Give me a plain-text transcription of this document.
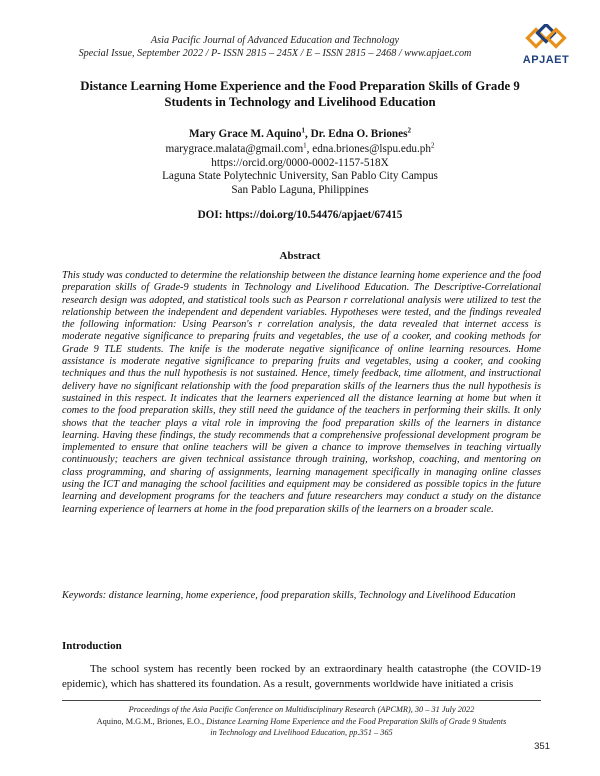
Asia Pacific Journal of Advanced Education and Technology
Special Issue, September 2022 / P- ISSN 2815 – 245X / E – ISSN 2815 – 2468 / www.apjaet.com
APJAET
Distance Learning Home Experience and the Food Preparation Skills of Grade 9 Students in Technology and Livelihood Education
Mary Grace M. Aquino$^1$, Dr. Edna O. Briones$^2$
marygrace.malata@gmail.com$^1$, $edna.briones@lspu.edu.ph^2$
https://orcid.org/0000-0002-1157-518X
Laguna State Polytechnic University, San Pablo City Campus
San Pablo Laguna, Philippines
DOI: https://doi.org/10.54476/apjaet/67415
Abstract
This study was conducted to determine the relationship between the distance learning home experience and the food preparation skills of Grade-9 students in Technology and Livelihood Education. The Descriptive-Correlational research design was adopted, and statistical tools such as Pearson r correlational analysis were utilized to test the relationship between the independent and dependent variables. Hypotheses were tested, and the findings revealed the following information: Using Pearson's r correlation analysis, the data revealed that internet access is moderate negative significance to preparing fruits and vegetables, the use of a cooker, and cooking methods for Grade 9 TLE students. The knife is the moderate negative significance of online learning resources. Home assistance is moderate negative significance to preparing fruits and vegetables, using a cooker, and cooking techniques and thus the null hypothesis is not sustained. Hence, timely feedback, time allotment, and instructional delivery have no significant relationship with the food preparation skills of the learners thus the null hypothesis is sustained in this respect. It indicates that the learners experienced all the distance learning at home but when it comes to the food preparation skills, they still need the guidance of the teachers in performing their skills. It only shows that the teacher plays a vital role in improving the food preparation skills of the learners in distance learning. Having these findings, the study recommends that a comprehensive professional development program be implemented to ensure that online teachers will be given a chance to improve themselves in teaching virtually continuously; teachers are given technical assistance through training, workshop, coaching, and mentoring on class programming, and sharing of assignments, learning management specifically in managing online classes using the ICT and managing the school facilities and equipment may be considered as possible topics in the future learning and development programs for the teachers and future researchers may conduct a study on the distance learning experience of learners at home in the food preparation skills of the learners on a broader scale.
Keywords: distance learning, home experience, food preparation skills, Technology and Livelihood Education
Introduction
The school system has recently been rocked by an extraordinary health catastrophe (the COVID-19 epidemic), which has shattered its foundation. As a result, governments worldwide have initiated a crisis
Proceedings of the Asia Pacific Conference on Multidisciplinary Research (APCMR), 30 – 31 July 2022
Aquino, M.G.M., Briones, E.O., Distance Learning Home Experience and the Food Preparation Skills of Grade 9 Students
in Technology and Livelihood Education, pp.351 – 365
351
